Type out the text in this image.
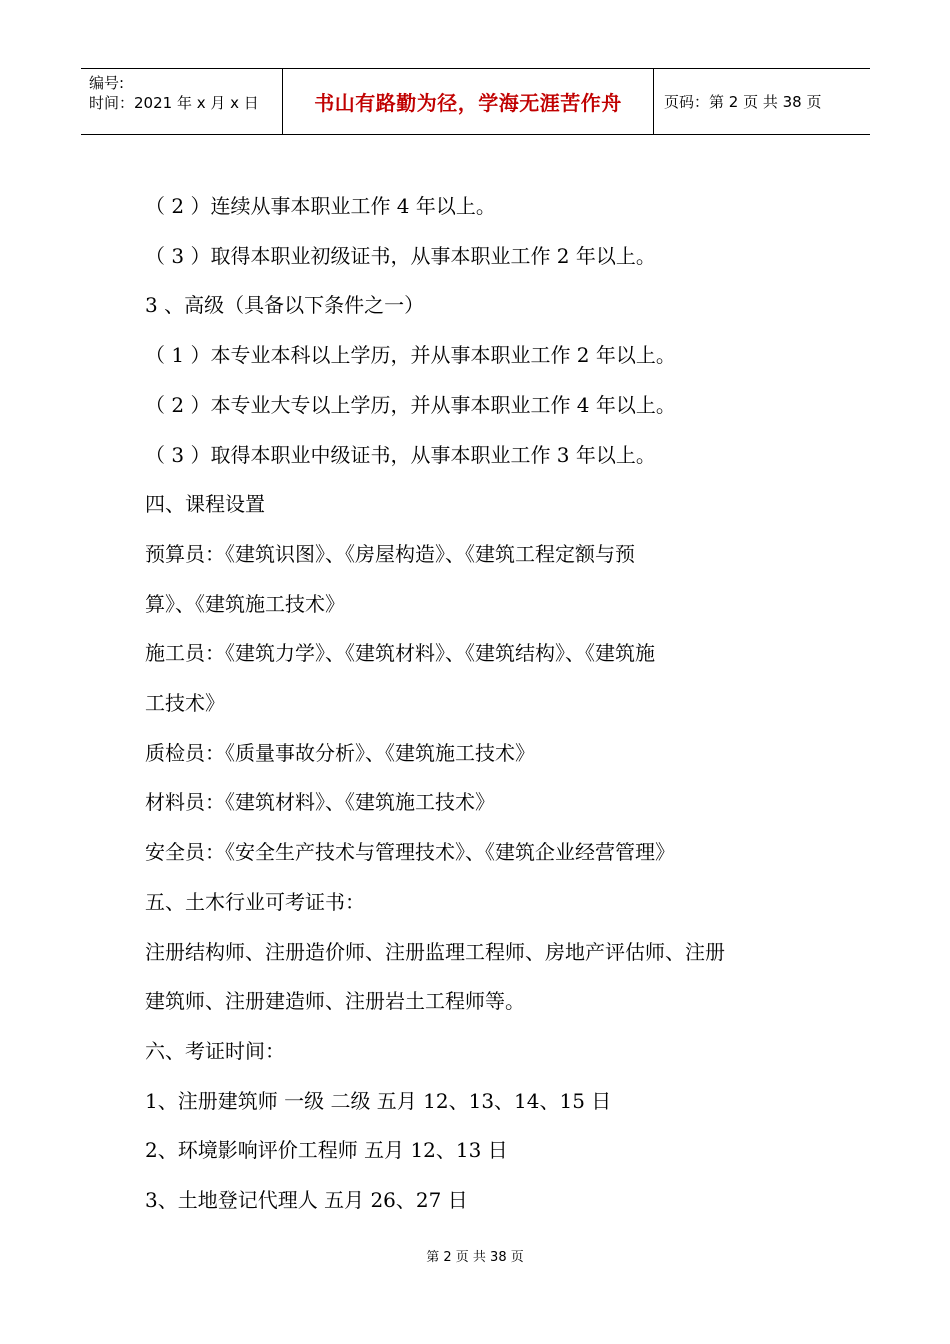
编号:
时间：2021 年 x 月 x 日	书山有路勤为径，学海无涯苦作舟	页码：第 2 页 共 38 页

（ 2 ）连续从事本职业工作 4 年以上。

（ 3 ）取得本职业初级证书，从事本职业工作 2 年以上。

3 、高级（具备以下条件之一）

（ 1 ）本专业本科以上学历，并从事本职业工作 2 年以上。

（ 2 ）本专业大专以上学历，并从事本职业工作 4 年以上。

（ 3 ）取得本职业中级证书，从事本职业工作 3 年以上。

四、课程设置

预算员：《建筑识图》、《房屋构造》、《建筑工程定额与预

算》、《建筑施工技术》

施工员：《建筑力学》、《建筑材料》、《建筑结构》、《建筑施

工技术》

质检员：《质量事故分析》、《建筑施工技术》

材料员：《建筑材料》、《建筑施工技术》

安全员：《安全生产技术与管理技术》、《建筑企业经营管理》

五、土木行业可考证书：

注册结构师、注册造价师、注册监理工程师、房地产评估师、注册

建筑师、注册建造师、注册岩土工程师等。

六、考证时间：

1、注册建筑师 一级 二级 五月 12、13、14、15 日

2、环境影响评价工程师 五月 12、13 日

3、土地登记代理人 五月 26、27 日

第 2 页 共 38 页
